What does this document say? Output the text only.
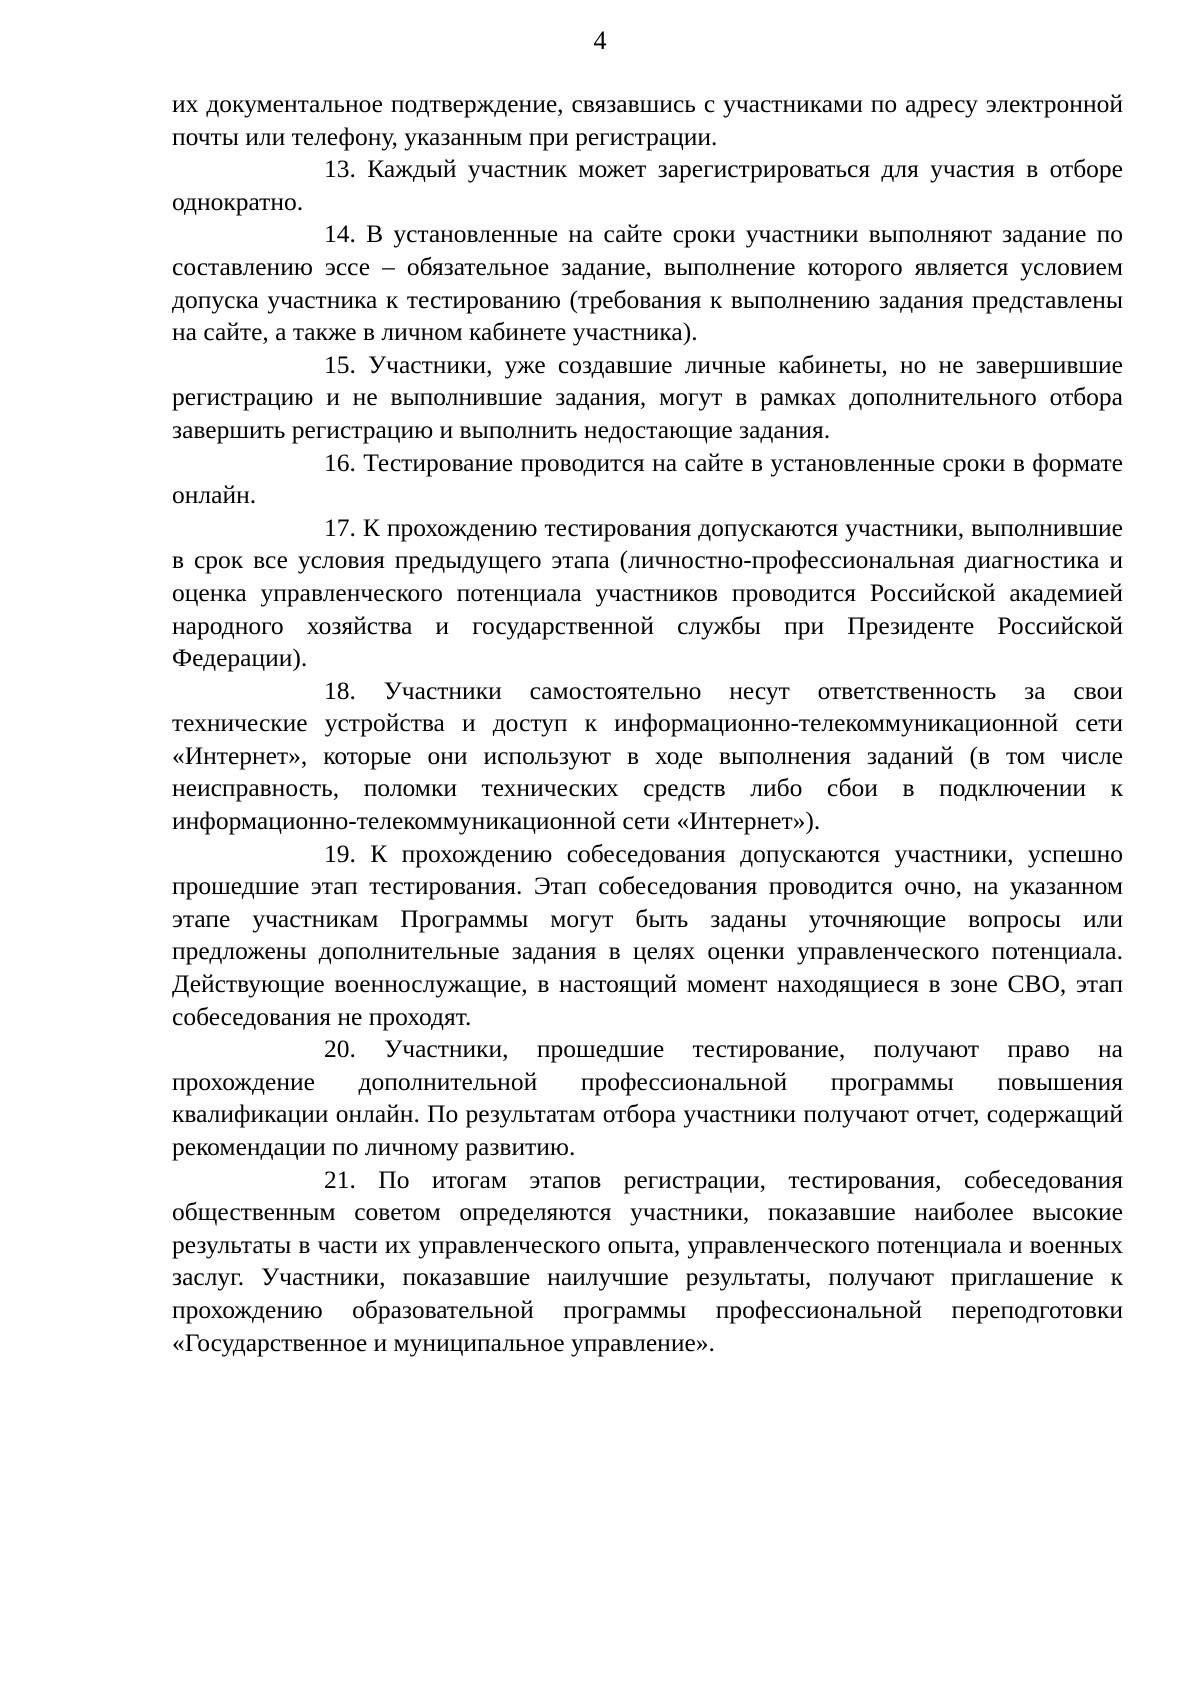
4

их документальное подтверждение, связавшись с участниками по адресу электронной почты или телефону, указанным при регистрации.

13. Каждый участник может зарегистрироваться для участия в отборе однократно.

14. В установленные на сайте сроки участники выполняют задание по составлению эссе – обязательное задание, выполнение которого является условием допуска участника к тестированию (требования к выполнению задания представлены на сайте, а также в личном кабинете участника).

15. Участники, уже создавшие личные кабинеты, но не завершившие регистрацию и не выполнившие задания, могут в рамках дополнительного отбора завершить регистрацию и выполнить недостающие задания.

16. Тестирование проводится на сайте в установленные сроки в формате онлайн.

17. К прохождению тестирования допускаются участники, выполнившие в срок все условия предыдущего этапа (личностно-профессиональная диагностика и оценка управленческого потенциала участников проводится Российской академией народного хозяйства и государственной службы при Президенте Российской Федерации).

18. Участники самостоятельно несут ответственность за свои технические устройства и доступ к информационно-телекоммуникационной сети «Интернет», которые они используют в ходе выполнения заданий (в том числе неисправность, поломки технических средств либо сбои в подключении к информационно-телекоммуникационной сети «Интернет»).

19. К прохождению собеседования допускаются участники, успешно прошедшие этап тестирования. Этап собеседования проводится очно, на указанном этапе участникам Программы могут быть заданы уточняющие вопросы или предложены дополнительные задания в целях оценки управленческого потенциала. Действующие военнослужащие, в настоящий момент находящиеся в зоне СВО, этап собеседования не проходят.

20. Участники, прошедшие тестирование, получают право на прохождение дополнительной профессиональной программы повышения квалификации онлайн. По результатам отбора участники получают отчет, содержащий рекомендации по личному развитию.

21. По итогам этапов регистрации, тестирования, собеседования общественным советом определяются участники, показавшие наиболее высокие результаты в части их управленческого опыта, управленческого потенциала и военных заслуг. Участники, показавшие наилучшие результаты, получают приглашение к прохождению образовательной программы профессиональной переподготовки «Государственное и муниципальное управление».
